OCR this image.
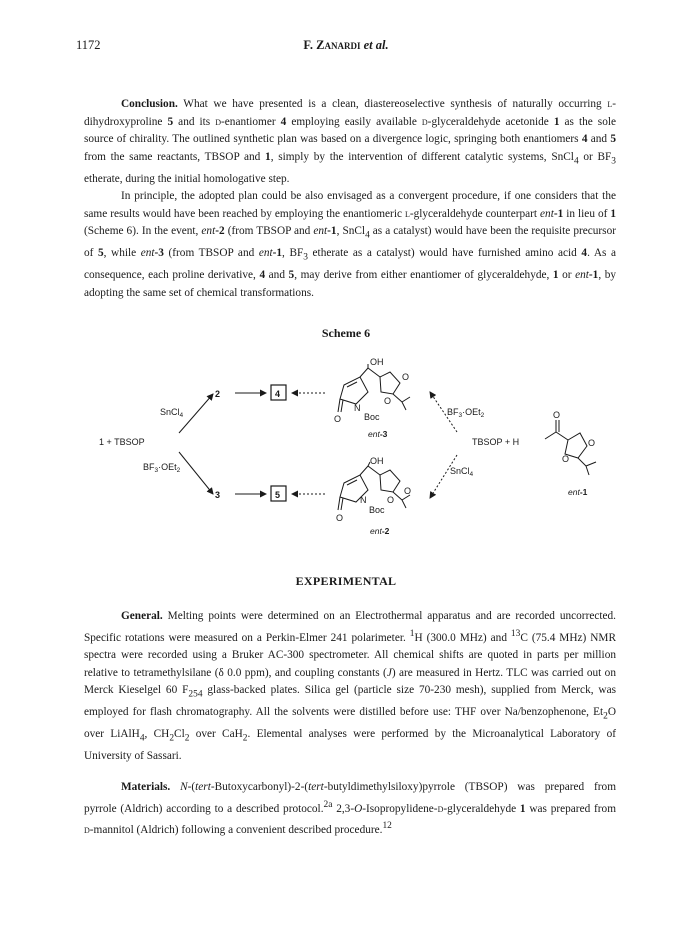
1172	F. Zanardi et al.

Conclusion. What we have presented is a clean, diastereoselective synthesis of naturally occurring l-dihydroxyproline 5 and its d-enantiomer 4 employing easily available d-glyceraldehyde acetonide 1 as the sole source of chirality. The outlined synthetic plan was based on a divergence logic, springing both enantiomers 4 and 5 from the same reactants, TBSOP and 1, simply by the intervention of different catalytic systems, SnCl$_4$ or $BF_3$ etherate, during the initial homologative step.

In principle, the adopted plan could be also envisaged as a convergent procedure, if one considers that the same results would have been reached by employing the enantiomeric l-glyceraldehyde counterpart ent-1 in lieu of 1 (Scheme 6). In the event, ent-2 (from TBSOP and ent-1, SnCl$_4$ as a catalyst) would have been the requisite precursor of 5, while ent-3 (from TBSOP and ent-1, $BF_3$ etherate as a catalyst) would have furnished amino acid 4. As a consequence, each proline derivative, 4 and 5, may derive from either enantiomer of glyceraldehyde, 1 or ent-1, by adopting the same set of chemical transformations.

Scheme 6
1 + TBSOP
SnCl$_4$
$BF_3\cdot OEt_2$
2
3
4
5
OH
N
Boc
O
O
O
ent-3
OH
N
Boc
O
O
O
ent-2
$BF_3\cdot OEt_2$
SnCl$_4$
TBSOP + H
O
O
O
ent-1
EXPERIMENTAL

General. Melting points were determined on an Electrothermal apparatus and are recorded uncorrected. Specific rotations were measured on a Perkin-Elmer 241 polarimeter. $^1$H (300.0 MHz) and $^{13}$C (75.4 MHz) NMR spectra were recorded using a Bruker AC-300 spectrometer. All chemical shifts are quoted in parts per million relative to tetramethylsilane (δ 0.0 ppm), and coupling constants (J) are measured in Hertz. TLC was carried out on Merck Kieselgel 60 $F_{254}$ glass-backed plates. Silica gel (particle size 70-230 mesh), supplied from Merck, was employed for flash chromatography. All the solvents were distilled before use: THF over Na/benzophenone, $Et_2O$ over LiAlH$_4$, $CH_2Cl_2$ over CaH$_2$. Elemental analyses were performed by the Microanalytical Laboratory of University of Sassari.

Materials. N-(tert-Butoxycarbonyl)-2-(tert-butyldimethylsiloxy)pyrrole (TBSOP) was prepared from pyrrole (Aldrich) according to a described protocol.$^{2a}$ 2,3-O-Isopropylidene-d-glyceraldehyde 1 was prepared from d-mannitol (Aldrich) following a convenient described procedure.$^{12}$
